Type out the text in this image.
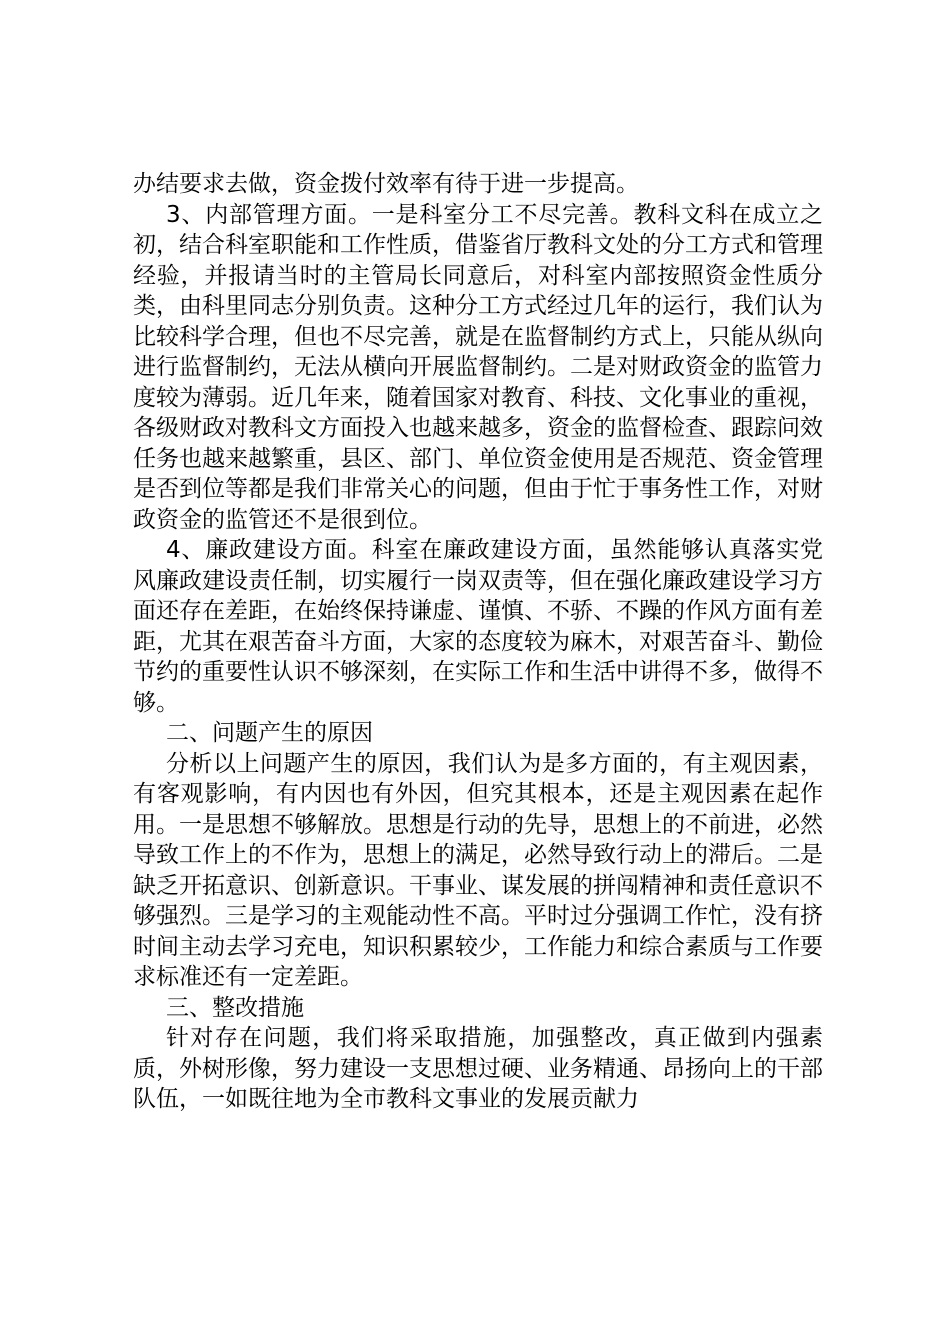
办结要求去做，资金拨付效率有待于进一步提高。

3、内部管理方面。一是科室分工不尽完善。教科文科在成立之初，结合科室职能和工作性质，借鉴省厅教科文处的分工方式和管理经验，并报请当时的主管局长同意后，对科室内部按照资金性质分类，由科里同志分别负责。这种分工方式经过几年的运行，我们认为比较科学合理，但也不尽完善，就是在监督制约方式上，只能从纵向进行监督制约，无法从横向开展监督制约。二是对财政资金的监管力度较为薄弱。近几年来，随着国家对教育、科技、文化事业的重视，各级财政对教科文方面投入也越来越多，资金的监督检查、跟踪问效任务也越来越繁重，县区、部门、单位资金使用是否规范、资金管理是否到位等都是我们非常关心的问题，但由于忙于事务性工作，对财政资金的监管还不是很到位。

4、廉政建设方面。科室在廉政建设方面，虽然能够认真落实党风廉政建设责任制，切实履行一岗双责等，但在强化廉政建设学习方面还存在差距，在始终保持谦虚、谨慎、不骄、不躁的作风方面有差距，尤其在艰苦奋斗方面，大家的态度较为麻木，对艰苦奋斗、勤俭节约的重要性认识不够深刻，在实际工作和生活中讲得不多，做得不够。

二、问题产生的原因

分析以上问题产生的原因，我们认为是多方面的，有主观因素，有客观影响，有内因也有外因，但究其根本，还是主观因素在起作用。一是思想不够解放。思想是行动的先导，思想上的不前进，必然导致工作上的不作为，思想上的满足，必然导致行动上的滞后。二是缺乏开拓意识、创新意识。干事业、谋发展的拼闯精神和责任意识不够强烈。三是学习的主观能动性不高。平时过分强调工作忙，没有挤时间主动去学习充电，知识积累较少，工作能力和综合素质与工作要求标准还有一定差距。

三、整改措施

针对存在问题，我们将采取措施，加强整改，真正做到内强素质，外树形像，努力建设一支思想过硬、业务精通、昂扬向上的干部队伍，一如既往地为全市教科文事业的发展贡献力
